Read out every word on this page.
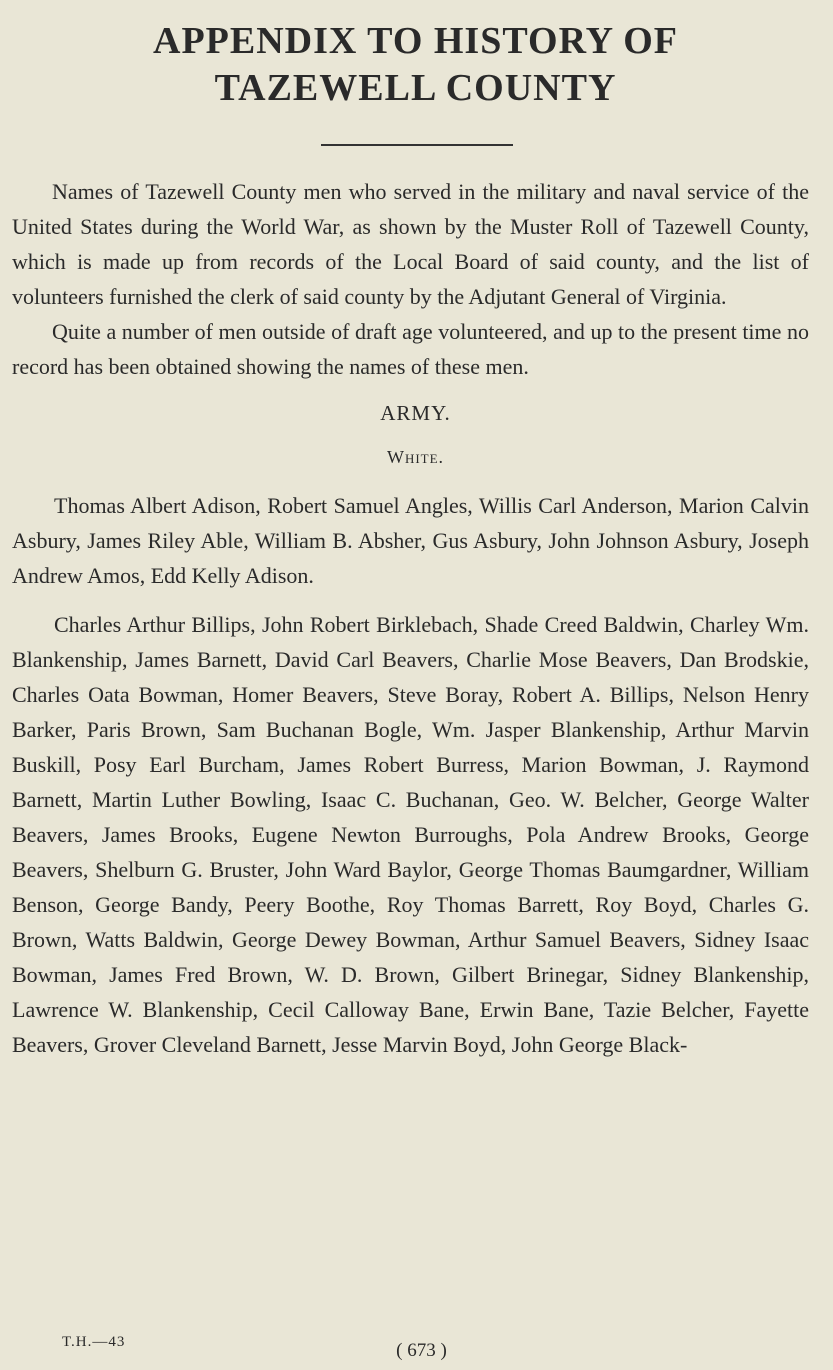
APPENDIX TO HISTORY OF
TAZEWELL COUNTY

Names of Tazewell County men who served in the military and naval service of the United States during the World War, as shown by the Muster Roll of Tazewell County, which is made up from records of the Local Board of said county, and the list of volunteers furnished the clerk of said county by the Adjutant General of Virginia.

Quite a number of men outside of draft age volunteered, and up to the present time no record has been obtained showing the names of these men.

ARMY.
White.

Thomas Albert Adison, Robert Samuel Angles, Willis Carl Anderson, Marion Calvin Asbury, James Riley Able, William B. Absher, Gus Asbury, John Johnson Asbury, Joseph Andrew Amos, Edd Kelly Adison.

Charles Arthur Billips, John Robert Birklebach, Shade Creed Baldwin, Charley Wm. Blankenship, James Barnett, David Carl Beavers, Charlie Mose Beavers, Dan Brodskie, Charles Oata Bowman, Homer Beavers, Steve Boray, Robert A. Billips, Nelson Henry Barker, Paris Brown, Sam Buchanan Bogle, Wm. Jasper Blankenship, Arthur Marvin Buskill, Posy Earl Burcham, James Robert Burress, Marion Bowman, J. Raymond Barnett, Martin Luther Bowling, Isaac C. Buchanan, Geo. W. Belcher, George Walter Beavers, James Brooks, Eugene Newton Burroughs, Pola Andrew Brooks, George Beavers, Shelburn G. Bruster, John Ward Baylor, George Thomas Baumgardner, William Benson, George Bandy, Peery Boothe, Roy Thomas Barrett, Roy Boyd, Charles G. Brown, Watts Baldwin, George Dewey Bowman, Arthur Samuel Beavers, Sidney Isaac Bowman, James Fred Brown, W. D. Brown, Gilbert Brinegar, Sidney Blankenship, Lawrence W. Blankenship, Cecil Calloway Bane, Erwin Bane, Tazie Belcher, Fayette Beavers, Grover Cleveland Barnett, Jesse Marvin Boyd, John George Black-

T.H.—43	( 673 )
